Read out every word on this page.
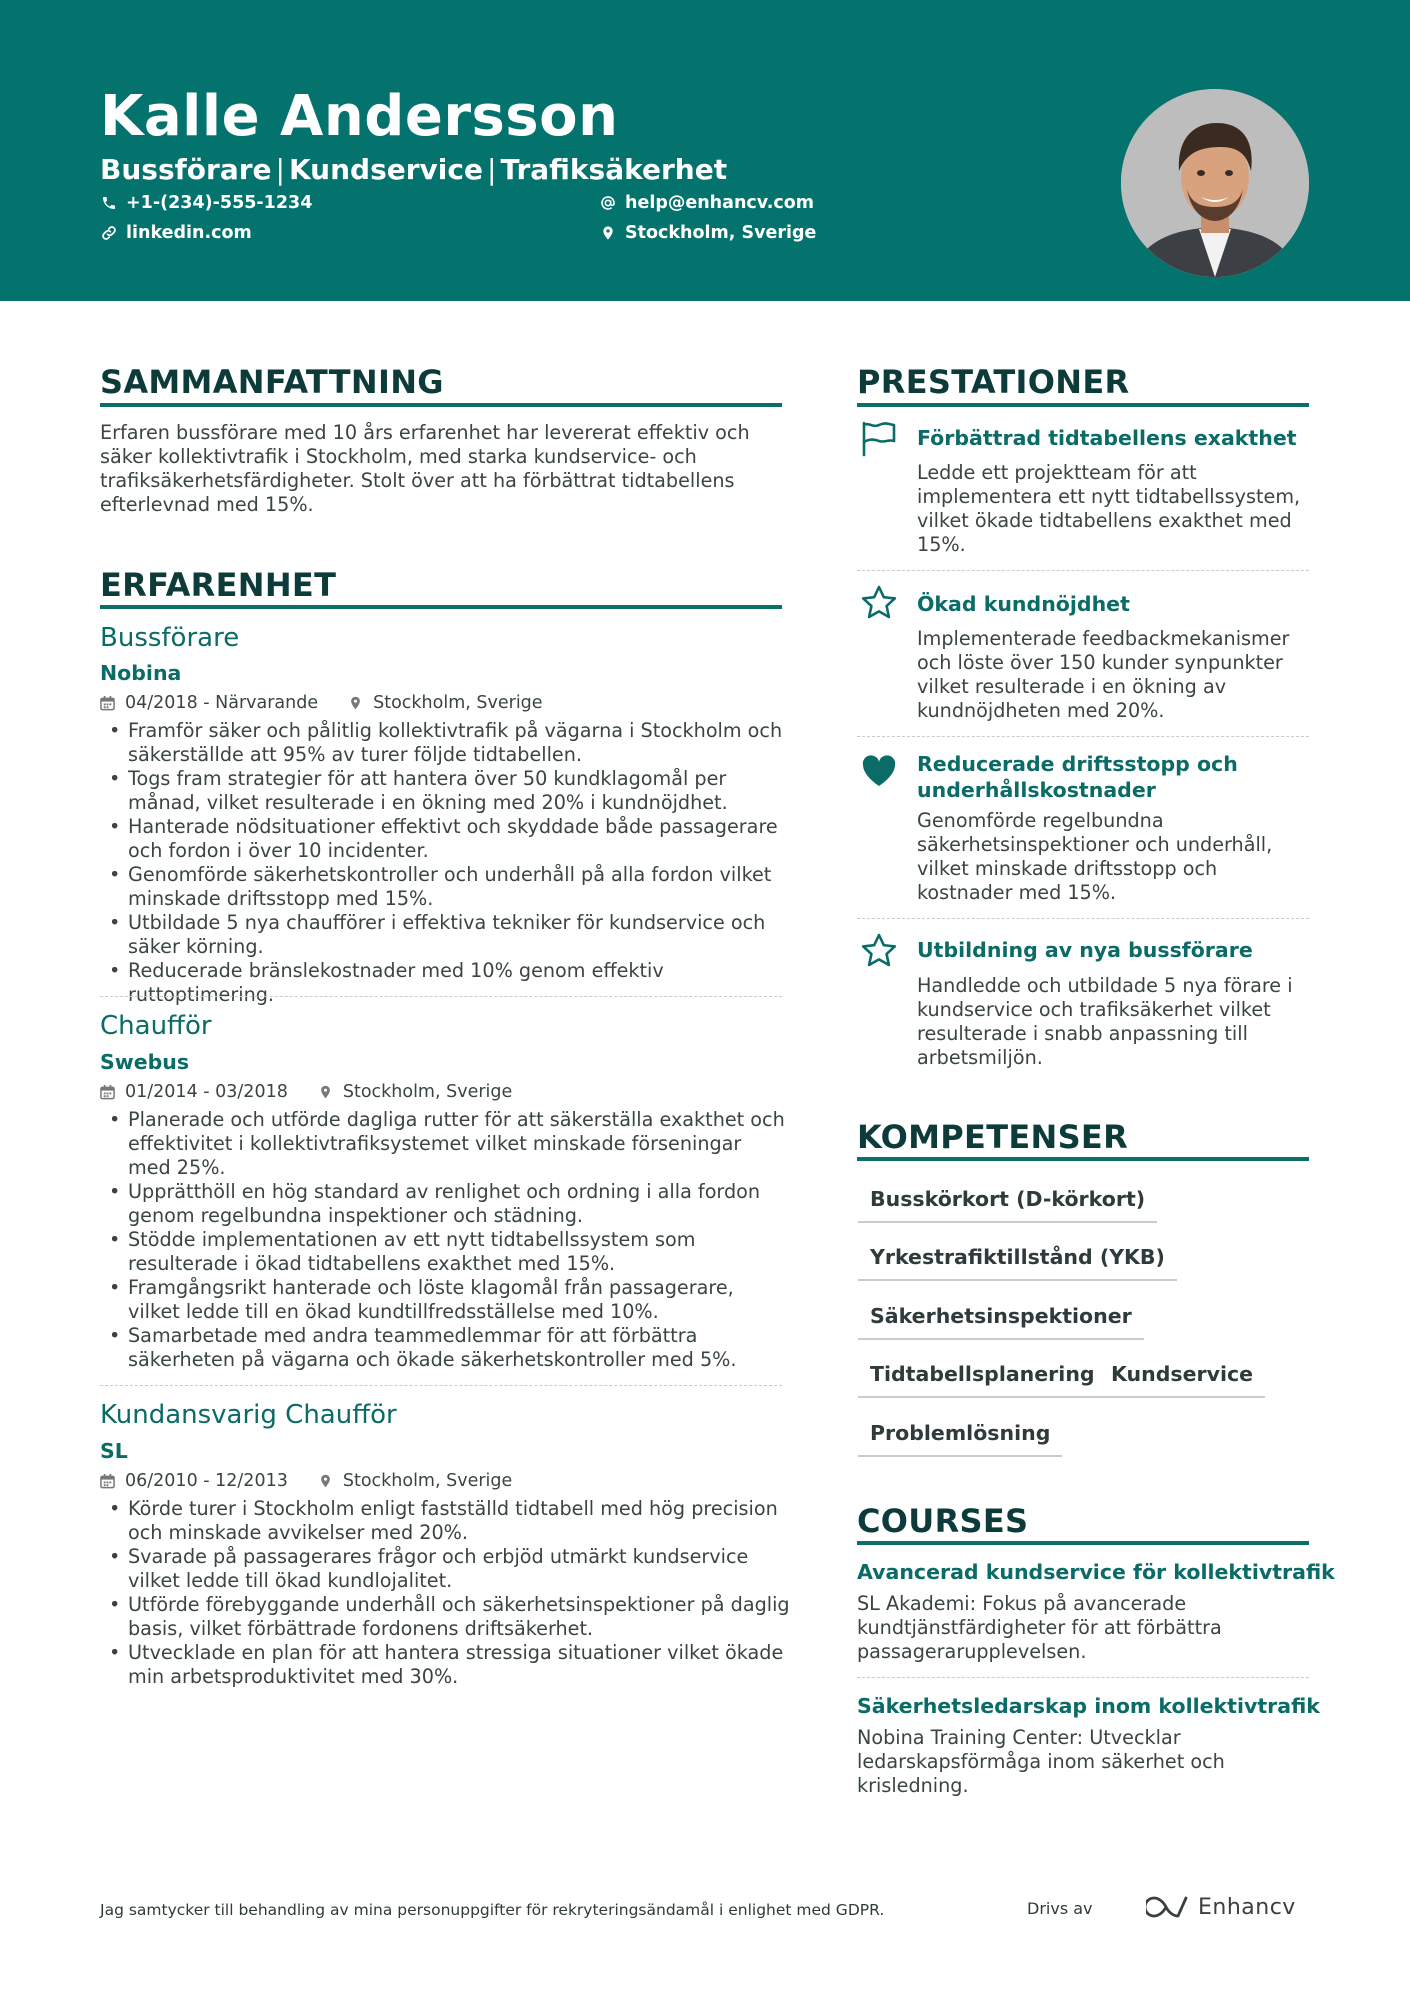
Kalle Andersson
Bussförare | Kundservice | Trafiksäkerhet
+1-(234)-555-1234
linkedin.com
help@enhancv.com
Stockholm, Sverige
SAMMANFATTNING
Erfaren bussförare med 10 års erfarenhet har levererat effektiv och säker kollektivtrafik i Stockholm, med starka kundservice- och trafiksäkerhetsfärdigheter. Stolt över att ha förbättrat tidtabellens efterlevnad med 15%.
ERFARENHET
Bussförare
Nobina
04/2018 - Närvarande	Stockholm, Sverige
• Framför säker och pålitlig kollektivtrafik på vägarna i Stockholm och säkerställde att 95% av turer följde tidtabellen.
• Togs fram strategier för att hantera över 50 kundklagomål per månad, vilket resulterade i en ökning med 20% i kundnöjdhet.
• Hanterade nödsituationer effektivt och skyddade både passagerare och fordon i över 10 incidenter.
• Genomförde säkerhetskontroller och underhåll på alla fordon vilket minskade driftsstopp med 15%.
• Utbildade 5 nya chaufförer i effektiva tekniker för kundservice och säker körning.
• Reducerade bränslekostnader med 10% genom effektiv ruttoptimering.
Chaufför
Swebus
01/2014 - 03/2018	Stockholm, Sverige
• Planerade och utförde dagliga rutter för att säkerställa exakthet och effektivitet i kollektivtrafiksystemet vilket minskade förseningar med 25%.
• Upprätthöll en hög standard av renlighet och ordning i alla fordon genom regelbundna inspektioner och städning.
• Stödde implementationen av ett nytt tidtabellssystem som resulterade i ökad tidtabellens exakthet med 15%.
• Framgångsrikt hanterade och löste klagomål från passagerare, vilket ledde till en ökad kundtillfredsställelse med 10%.
• Samarbetade med andra teammedlemmar för att förbättra säkerheten på vägarna och ökade säkerhetskontroller med 5%.
Kundansvarig Chaufför
SL
06/2010 - 12/2013	Stockholm, Sverige
• Körde turer i Stockholm enligt fastställd tidtabell med hög precision och minskade avvikelser med 20%.
• Svarade på passagerares frågor och erbjöd utmärkt kundservice vilket ledde till ökad kundlojalitet.
• Utförde förebyggande underhåll och säkerhetsinspektioner på daglig basis, vilket förbättrade fordonens driftsäkerhet.
• Utvecklade en plan för att hantera stressiga situationer vilket ökade min arbetsproduktivitet med 30%.
PRESTATIONER
Förbättrad tidtabellens exakthet
Ledde ett projektteam för att implementera ett nytt tidtabellssystem, vilket ökade tidtabellens exakthet med 15%.
Ökad kundnöjdhet
Implementerade feedbackmekanismer och löste över 150 kunder synpunkter vilket resulterade i en ökning av kundnöjdheten med 20%.
Reducerade driftsstopp och underhållskostnader
Genomförde regelbundna säkerhetsinspektioner och underhåll, vilket minskade driftsstopp och kostnader med 15%.
Utbildning av nya bussförare
Handledde och utbildade 5 nya förare i kundservice och trafiksäkerhet vilket resulterade i snabb anpassning till arbetsmiljön.
KOMPETENSER
Busskörkort (D-körkort)
Yrkestrafiktillstånd (YKB)
Säkerhetsinspektioner
Tidtabellsplanering Kundservice
Problemlösning
COURSES
Avancerad kundservice för kollektivtrafik
SL Akademi: Fokus på avancerade kundtjänstfärdigheter för att förbättra passagerarupplevelsen.
Säkerhetsledarskap inom kollektivtrafik
Nobina Training Center: Utvecklar ledarskapsförmåga inom säkerhet och krisledning.
Jag samtycker till behandling av mina personuppgifter för rekryteringsändamål i enlighet med GDPR.	Drivs av	Enhancv
